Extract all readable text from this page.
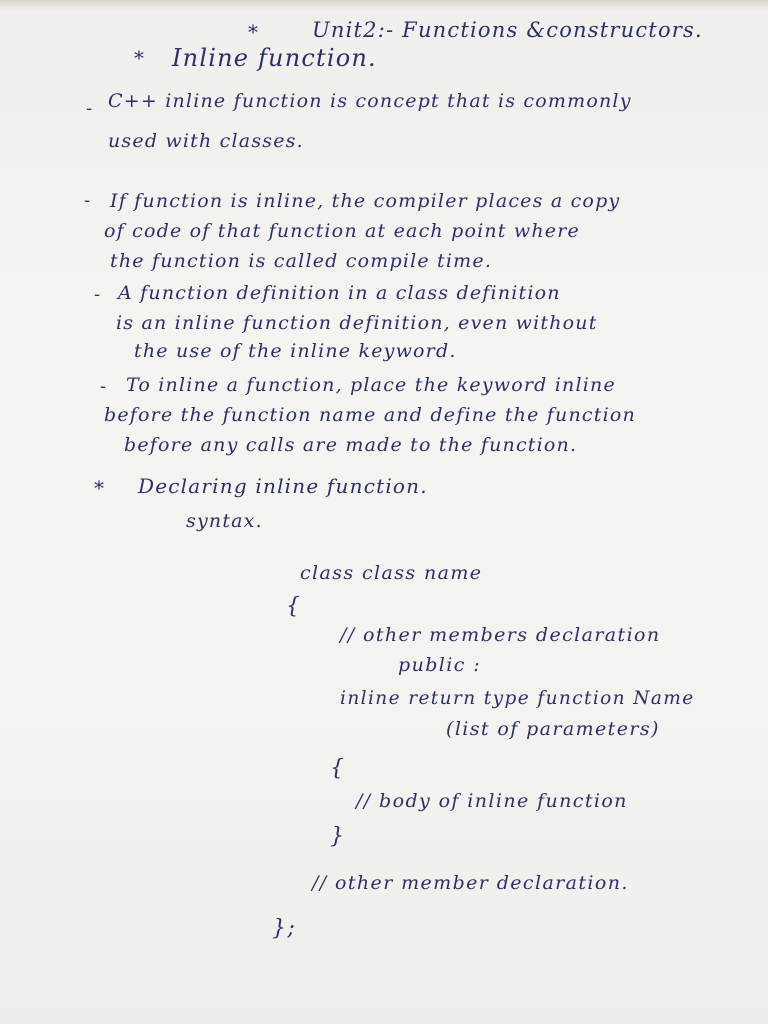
*	Unit2:- Functions &constructors.
* Inline function.
- C++ inline function is concept that is commonly
used with classes.
- If function is inline, the compiler places a copy
of code of that function at each point where
the function is called compile time.
- A function definition in a class definition
is an inline function definition, even without
the use of the inline keyword.
- To inline a function, place the keyword inline
before the function name and define the function
before any calls are made to the function.
* Declaring inline function.
syntax.
class class name
{
// other members declaration
public :
inline return type function Name
(list of parameters)
{
// body of inline function
}
// other member declaration.
};
